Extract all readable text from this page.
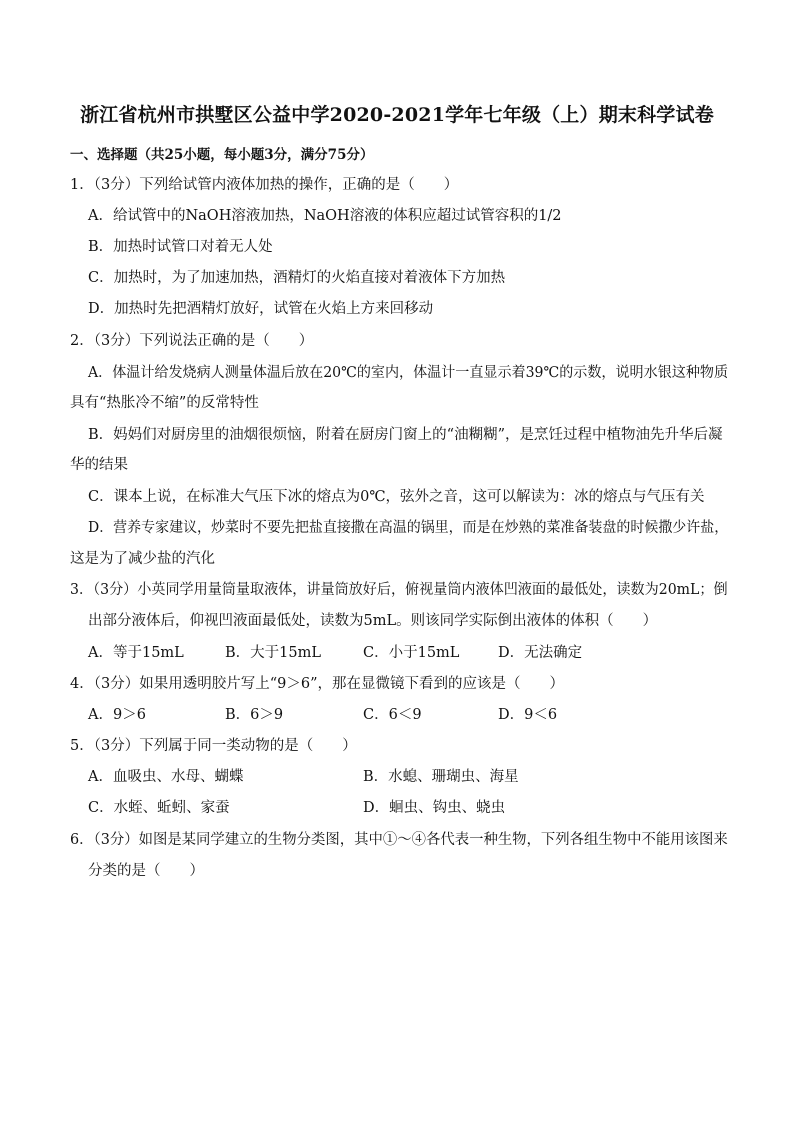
浙江省杭州市拱墅区公益中学2020-2021学年七年级（上）期末科学试卷
一、选择题（共25小题，每小题3分，满分75分）
1．（3分）下列给试管内液体加热的操作，正确的是（　　）
A．给试管中的NaOH溶液加热，NaOH溶液的体积应超过试管容积的1/2
B．加热时试管口对着无人处
C．加热时，为了加速加热，酒精灯的火焰直接对着液体下方加热
D．加热时先把酒精灯放好，试管在火焰上方来回移动
2．（3分）下列说法正确的是（　　）
A．体温计给发烧病人测量体温后放在20℃的室内，体温计一直显示着39℃的示数，说明水银这种物质
具有“热胀冷不缩”的反常特性
B．妈妈们对厨房里的油烟很烦恼，附着在厨房门窗上的“油糊糊”，是烹饪过程中植物油先升华后凝
华的结果
C．课本上说，在标准大气压下冰的熔点为0℃，弦外之音，这可以解读为：冰的熔点与气压有关
D．营养专家建议，炒菜时不要先把盐直接撒在高温的锅里，而是在炒熟的菜准备装盘的时候撒少许盐，
这是为了减少盐的汽化
3．（3分）小英同学用量筒量取液体，讲量筒放好后，俯视量筒内液体凹液面的最低处，读数为20mL；倒
出部分液体后，仰视凹液面最低处，读数为5mL。则该同学实际倒出液体的体积（　　）
A．等于15mL	B．大于15mL	C．小于15mL	D．无法确定
4．（3分）如果用透明胶片写上“9＞6”，那在显微镜下看到的应该是（　　）
A．9＞6	B．6＞9	C．6＜9	D．9＜6
5．（3分）下列属于同一类动物的是（　　）
A．血吸虫、水母、蝴蝶	B．水螅、珊瑚虫、海星
C．水蛭、蚯蚓、家蚕	D．蛔虫、钩虫、蛲虫
6．（3分）如图是某同学建立的生物分类图，其中①～④各代表一种生物，下列各组生物中不能用该图来
分类的是（　　）
